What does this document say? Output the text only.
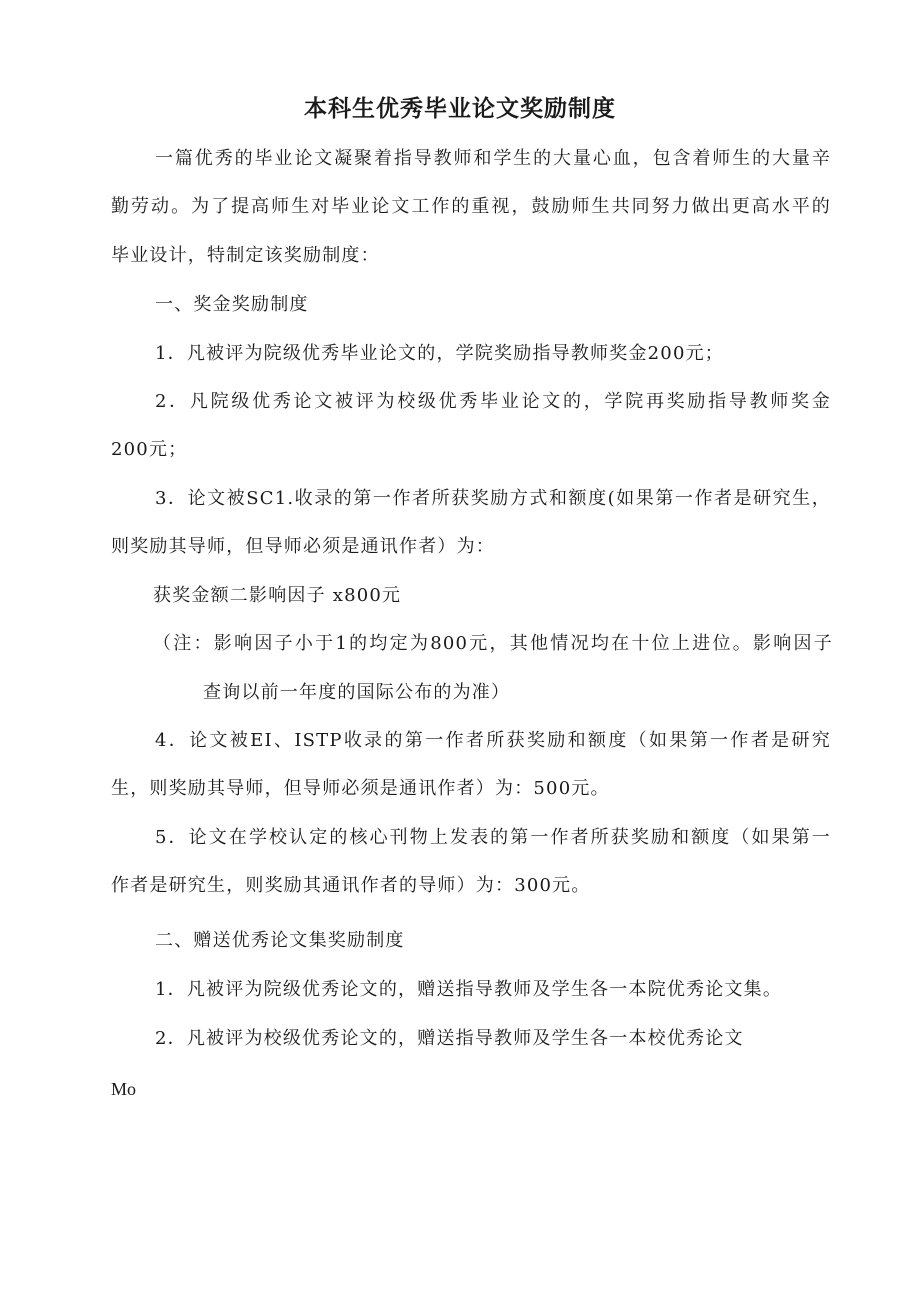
本科生优秀毕业论文奖励制度

一篇优秀的毕业论文凝聚着指导教师和学生的大量心血，包含着师生的大量辛

勤劳动。为了提高师生对毕业论文工作的重视，鼓励师生共同努力做出更高水平的

毕业设计，特制定该奖励制度：

一、奖金奖励制度

1．凡被评为院级优秀毕业论文的，学院奖励指导教师奖金200元；

2．凡院级优秀论文被评为校级优秀毕业论文的，学院再奖励指导教师奖金

200元；

3．论文被SC1.收录的第一作者所获奖励方式和额度(如果第一作者是研究生，

则奖励其导师，但导师必须是通讯作者）为：

获奖金额二影响因子 x800元

（注：影响因子小于1的均定为800元，其他情况均在十位上进位。影响因子

查询以前一年度的国际公布的为准）

4．论文被EI、ISTP收录的第一作者所获奖励和额度（如果第一作者是研究

生，则奖励其导师，但导师必须是通讯作者）为：500元。

5．论文在学校认定的核心刊物上发表的第一作者所获奖励和额度（如果第一

作者是研究生，则奖励其通讯作者的导师）为：300元。

二、赠送优秀论文集奖励制度

1．凡被评为院级优秀论文的，赠送指导教师及学生各一本院优秀论文集。

2．凡被评为校级优秀论文的，赠送指导教师及学生各一本校优秀论文

Mo
